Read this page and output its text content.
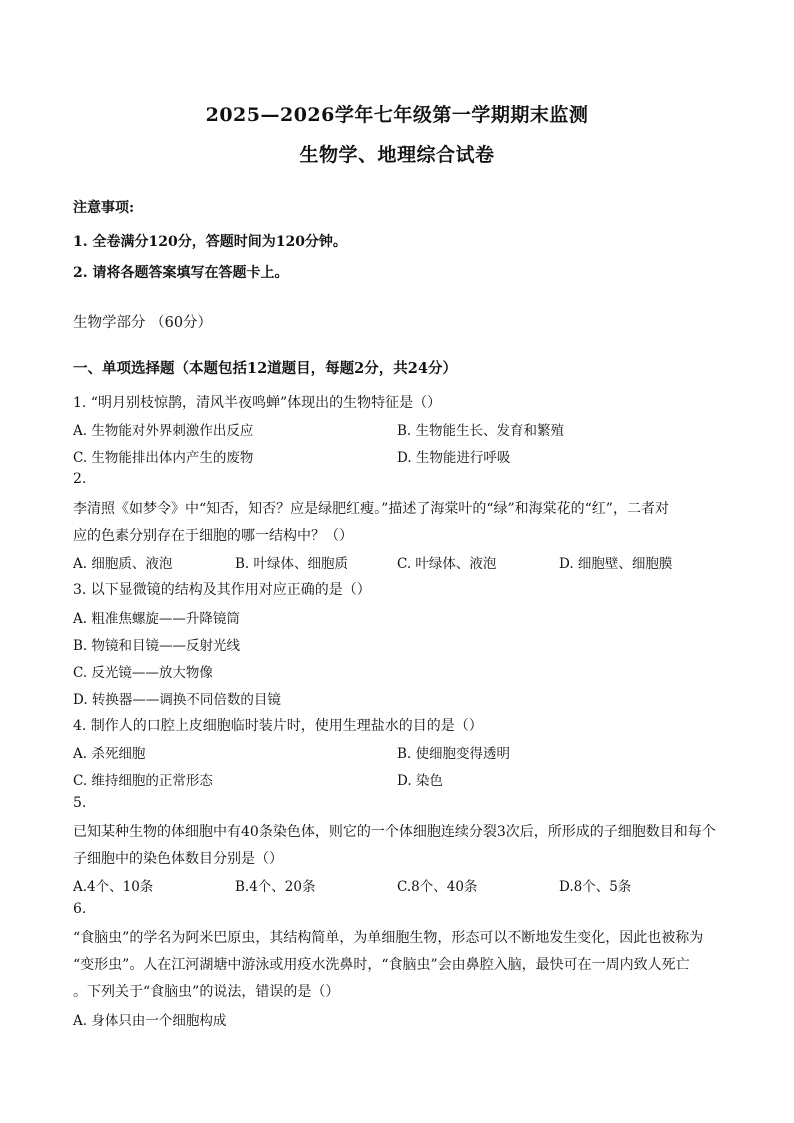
2025—2026学年七年级第一学期期末监测
生物学、地理综合试卷
注意事项:
1. 全卷满分120分，答题时间为120分钟。
2. 请将各题答案填写在答题卡上。
生物学部分 （60分）
一、单项选择题（本题包括12道题目，每题2分，共24分）
1. “明月别枝惊鹊，清风半夜鸣蝉”体现出的生物特征是（）
A. 生物能对外界刺激作出反应	B. 生物能生长、发育和繁殖
C. 生物能排出体内产生的废物	D. 生物能进行呼吸
2.
李清照《如梦令》中“知否，知否？应是绿肥红瘦。”描述了海棠叶的“绿”和海棠花的“红”，二者对
应的色素分别存在于细胞的哪一结构中？（）
A. 细胞质、液泡	B. 叶绿体、细胞质	C. 叶绿体、液泡	D. 细胞壁、细胞膜
3. 以下显微镜的结构及其作用对应正确的是（）
A. 粗准焦螺旋——升降镜筒
B. 物镜和目镜——反射光线
C. 反光镜——放大物像
D. 转换器——调换不同倍数的目镜
4. 制作人的口腔上皮细胞临时装片时，使用生理盐水的目的是（）
A. 杀死细胞	B. 使细胞变得透明
C. 维持细胞的正常形态	D. 染色
5.
已知某种生物的体细胞中有40条染色体，则它的一个体细胞连续分裂3次后，所形成的子细胞数目和每个
子细胞中的染色体数目分别是（）
A.4个、10条	B.4个、20条	C.8个、40条	D.8个、5条
6.
“食脑虫”的学名为阿米巴原虫，其结构简单，为单细胞生物，形态可以不断地发生变化，因此也被称为
“变形虫”。人在江河湖塘中游泳或用疫水洗鼻时，“食脑虫”会由鼻腔入脑，最快可在一周内致人死亡
。下列关于“食脑虫”的说法，错误的是（）
A. 身体只由一个细胞构成
